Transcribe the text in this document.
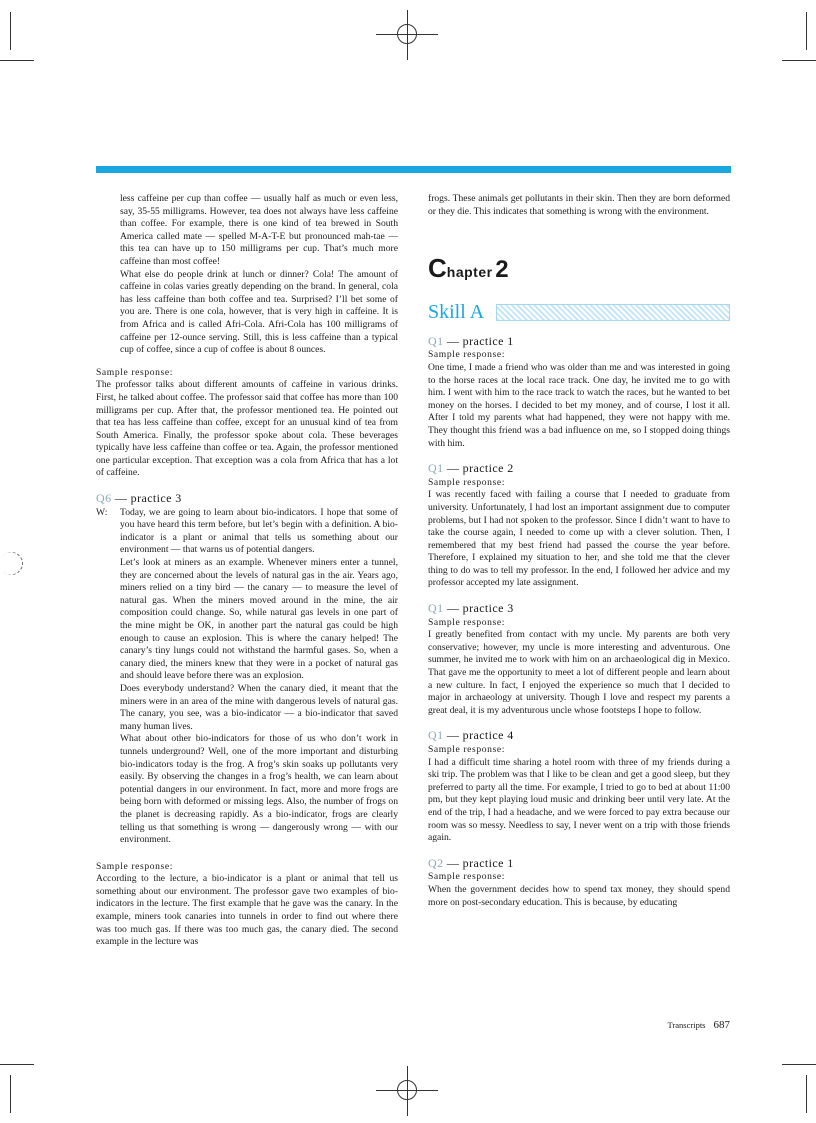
less caffeine per cup than coffee — usually half as much or even less, say, 35-55 milligrams. However, tea does not always have less caffeine than coffee. For example, there is one kind of tea brewed in South America called mate — spelled M-A-T-E but pronounced mah-tae — this tea can have up to 150 milligrams per cup. That’s much more caffeine than most coffee!

What else do people drink at lunch or dinner? Cola! The amount of caffeine in colas varies greatly depending on the brand. In general, cola has less caffeine than both coffee and tea. Surprised? I’ll bet some of you are. There is one cola, however, that is very high in caffeine. It is from Africa and is called Afri-Cola. Afri-Cola has 100 milligrams of caffeine per 12-ounce serving. Still, this is less caffeine than a typical cup of coffee, since a cup of coffee is about 8 ounces.

Sample response:

The professor talks about different amounts of caffeine in various drinks. First, he talked about coffee. The professor said that coffee has more than 100 milligrams per cup. After that, the professor mentioned tea. He pointed out that tea has less caffeine than coffee, except for an unusual kind of tea from South America. Finally, the professor spoke about cola. These beverages typically have less caffeine than coffee or tea. Again, the professor mentioned one particular exception. That exception was a cola from Africa that has a lot of caffeine.

Q6 — practice 3

W: Today, we are going to learn about bio-indicators. I hope that some of you have heard this term before, but let’s begin with a definition. A bio-indicator is a plant or animal that tells us something about our environment — that warns us of potential dangers.

Let’s look at miners as an example. Whenever miners enter a tunnel, they are concerned about the levels of natural gas in the air. Years ago, miners relied on a tiny bird — the canary — to measure the level of natural gas. When the miners moved around in the mine, the air composition could change. So, while natural gas levels in one part of the mine might be OK, in another part the natural gas could be high enough to cause an explosion. This is where the canary helped! The canary’s tiny lungs could not withstand the harmful gases. So, when a canary died, the miners knew that they were in a pocket of natural gas and should leave before there was an explosion.

Does everybody understand? When the canary died, it meant that the miners were in an area of the mine with dangerous levels of natural gas. The canary, you see, was a bio-indicator — a bio-indicator that saved many human lives.

What about other bio-indicators for those of us who don’t work in tunnels underground? Well, one of the more important and disturbing bio-indicators today is the frog. A frog’s skin soaks up pollutants very easily. By observing the changes in a frog’s health, we can learn about potential dangers in our environment. In fact, more and more frogs are being born with deformed or missing legs. Also, the number of frogs on the planet is decreasing rapidly. As a bio-indicator, frogs are clearly telling us that something is wrong — dangerously wrong — with our environment.

Sample response:

According to the lecture, a bio-indicator is a plant or animal that tell us something about our environment. The professor gave two examples of bio-indicators in the lecture. The first example that he gave was the canary. In the example, miners took canaries into tunnels in order to find out where there was too much gas. If there was too much gas, the canary died. The second example in the lecture was

frogs. These animals get pollutants in their skin. Then they are born deformed or they die. This indicates that something is wrong with the environment.

Chapter 2

Skill A

Q1 — practice 1

Sample response:

One time, I made a friend who was older than me and was interested in going to the horse races at the local race track. One day, he invited me to go with him. I went with him to the race track to watch the races, but he wanted to bet money on the horses. I decided to bet my money, and of course, I lost it all. After I told my parents what had happened, they were not happy with me. They thought this friend was a bad influence on me, so I stopped doing things with him.

Q1 — practice 2

Sample response:

I was recently faced with failing a course that I needed to graduate from university. Unfortunately, I had lost an important assignment due to computer problems, but I had not spoken to the professor. Since I didn’t want to have to take the course again, I needed to come up with a clever solution. Then, I remembered that my best friend had passed the course the year before. Therefore, I explained my situation to her, and she told me that the clever thing to do was to tell my professor. In the end, I followed her advice and my professor accepted my late assignment.

Q1 — practice 3

Sample response:

I greatly benefited from contact with my uncle. My parents are both very conservative; however, my uncle is more interesting and adventurous. One summer, he invited me to work with him on an archaeological dig in Mexico. That gave me the opportunity to meet a lot of different people and learn about a new culture. In fact, I enjoyed the experience so much that I decided to major in archaeology at university. Though I love and respect my parents a great deal, it is my adventurous uncle whose footsteps I hope to follow.

Q1 — practice 4

Sample response:

I had a difficult time sharing a hotel room with three of my friends during a ski trip. The problem was that I like to be clean and get a good sleep, but they preferred to party all the time. For example, I tried to go to bed at about 11:00 pm, but they kept playing loud music and drinking beer until very late. At the end of the trip, I had a headache, and we were forced to pay extra because our room was so messy. Needless to say, I never went on a trip with those friends again.

Q2 — practice 1

Sample response:

When the government decides how to spend tax money, they should spend more on post-secondary education. This is because, by educating

Transcripts 687
